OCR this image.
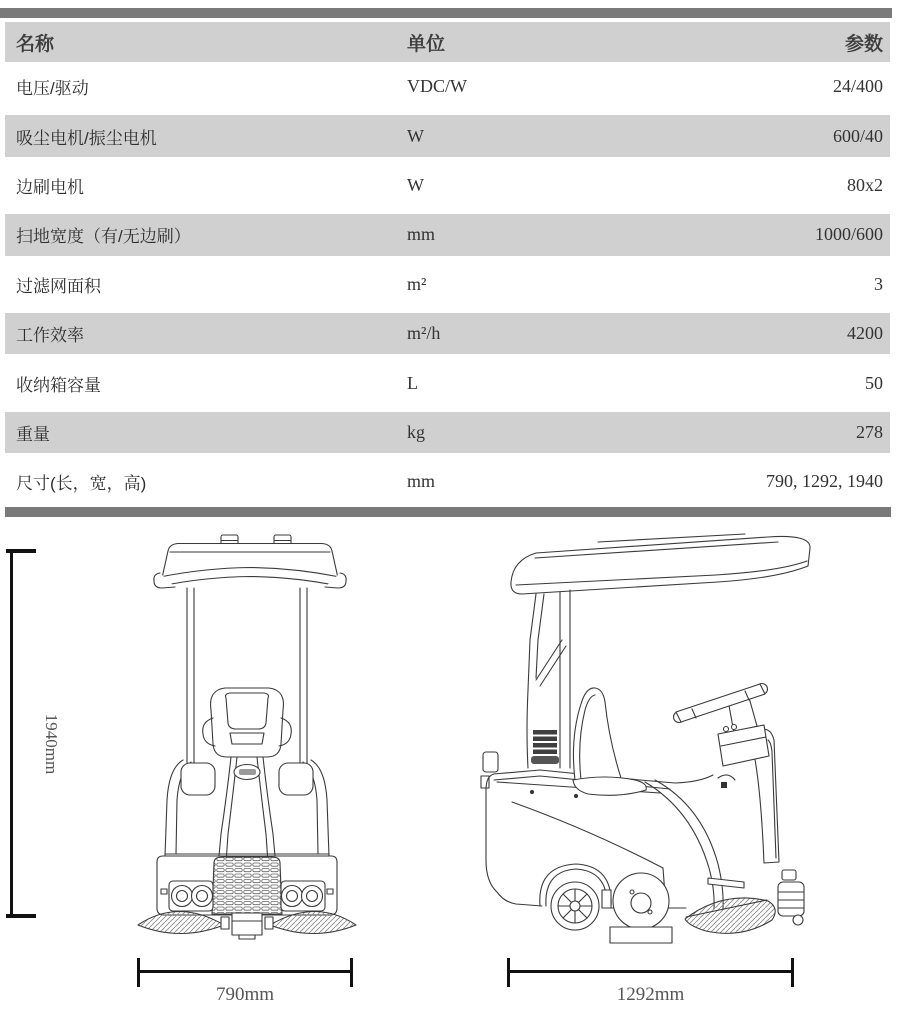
名称	单位	参数
电压/驱动	VDC/W	24/400
吸尘电机/振尘电机	W	600/40
边刷电机	W	80x2
扫地宽度（有/无边刷）	mm	1000/600
过滤网面积	m²	3
工作效率	m²/h	4200
收纳箱容量	L	50
重量	kg	278
尺寸(长，宽，高)	mm	790, 1292, 1940
1940mm
790mm	1292mm
